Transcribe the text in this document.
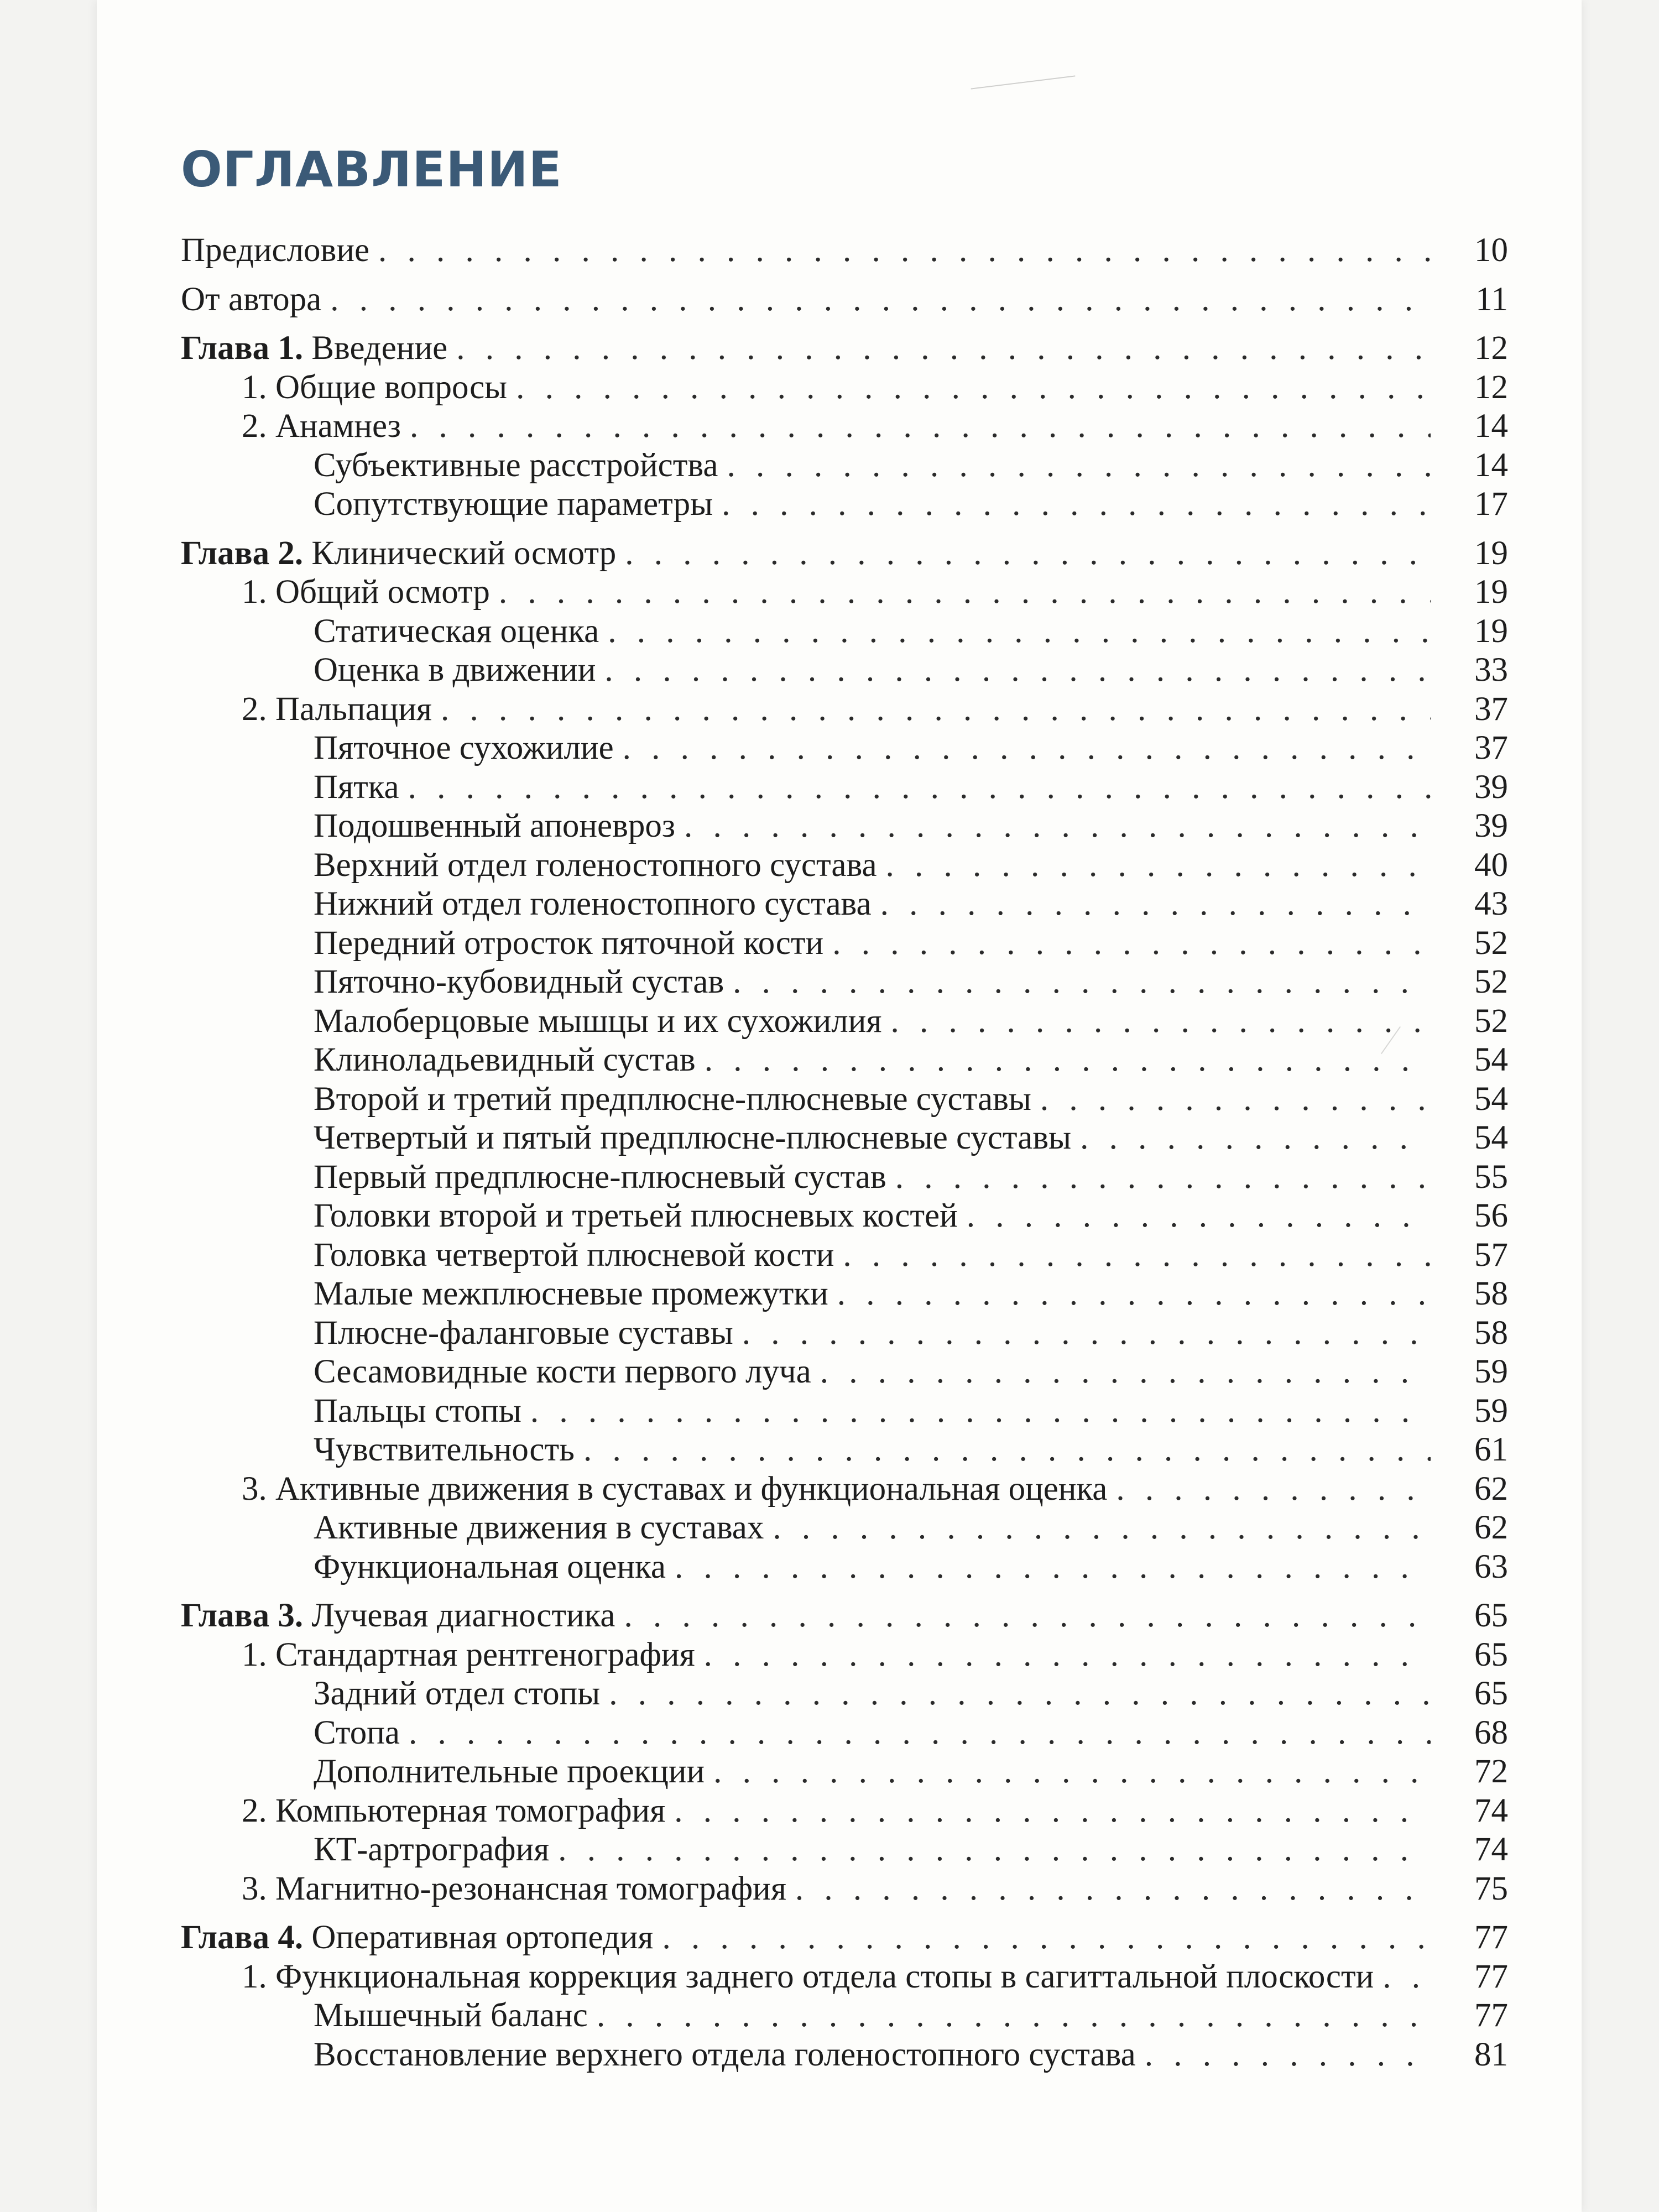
ОГЛАВЛЕНИЕ
Предисловие . . .	10
От автора . . .	11
Глава 1. Введение . . .	12
1. Общие вопросы . . .	12
2. Анамнез . . .	14
Субъективные расстройства . . .	14
Сопутствующие параметры . . .	17
Глава 2. Клинический осмотр . . .	19
1. Общий осмотр . . .	19
Статическая оценка . . .	19
Оценка в движении . . .	33
2. Пальпация . . .	37
Пяточное сухожилие . . .	37
Пятка . . .	39
Подошвенный апоневроз . . .	39
Верхний отдел голеностопного сустава . . .	40
Нижний отдел голеностопного сустава . . .	43
Передний отросток пяточной кости . . .	52
Пяточно-кубовидный сустав . . .	52
Малоберцовые мышцы и их сухожилия . . .	52
Клиноладьевидный сустав . . .	54
Второй и третий предплюсне-плюсневые суставы . . .	54
Четвертый и пятый предплюсне-плюсневые суставы . . .	54
Первый предплюсне-плюсневый сустав . . .	55
Головки второй и третьей плюсневых костей . . .	56
Головка четвертой плюсневой кости . . .	57
Малые межплюсневые промежутки . . .	58
Плюсне-фаланговые суставы . . .	58
Сесамовидные кости первого луча . . .	59
Пальцы стопы . . .	59
Чувствительность . . .	61
3. Активные движения в суставах и функциональная оценка . . .	62
Активные движения в суставах . . .	62
Функциональная оценка . . .	63
Глава 3. Лучевая диагностика . . .	65
1. Стандартная рентгенография . . .	65
Задний отдел стопы . . .	65
Стопа . . .	68
Дополнительные проекции . . .	72
2. Компьютерная томография . . .	74
КТ-артрография . . .	74
3. Магнитно-резонансная томография . . .	75
Глава 4. Оперативная ортопедия . . .	77
1. Функциональная коррекция заднего отдела стопы в сагиттальной плоскости . . .	77
Мышечный баланс . . .	77
Восстановление верхнего отдела голеностопного сустава . . .	81
